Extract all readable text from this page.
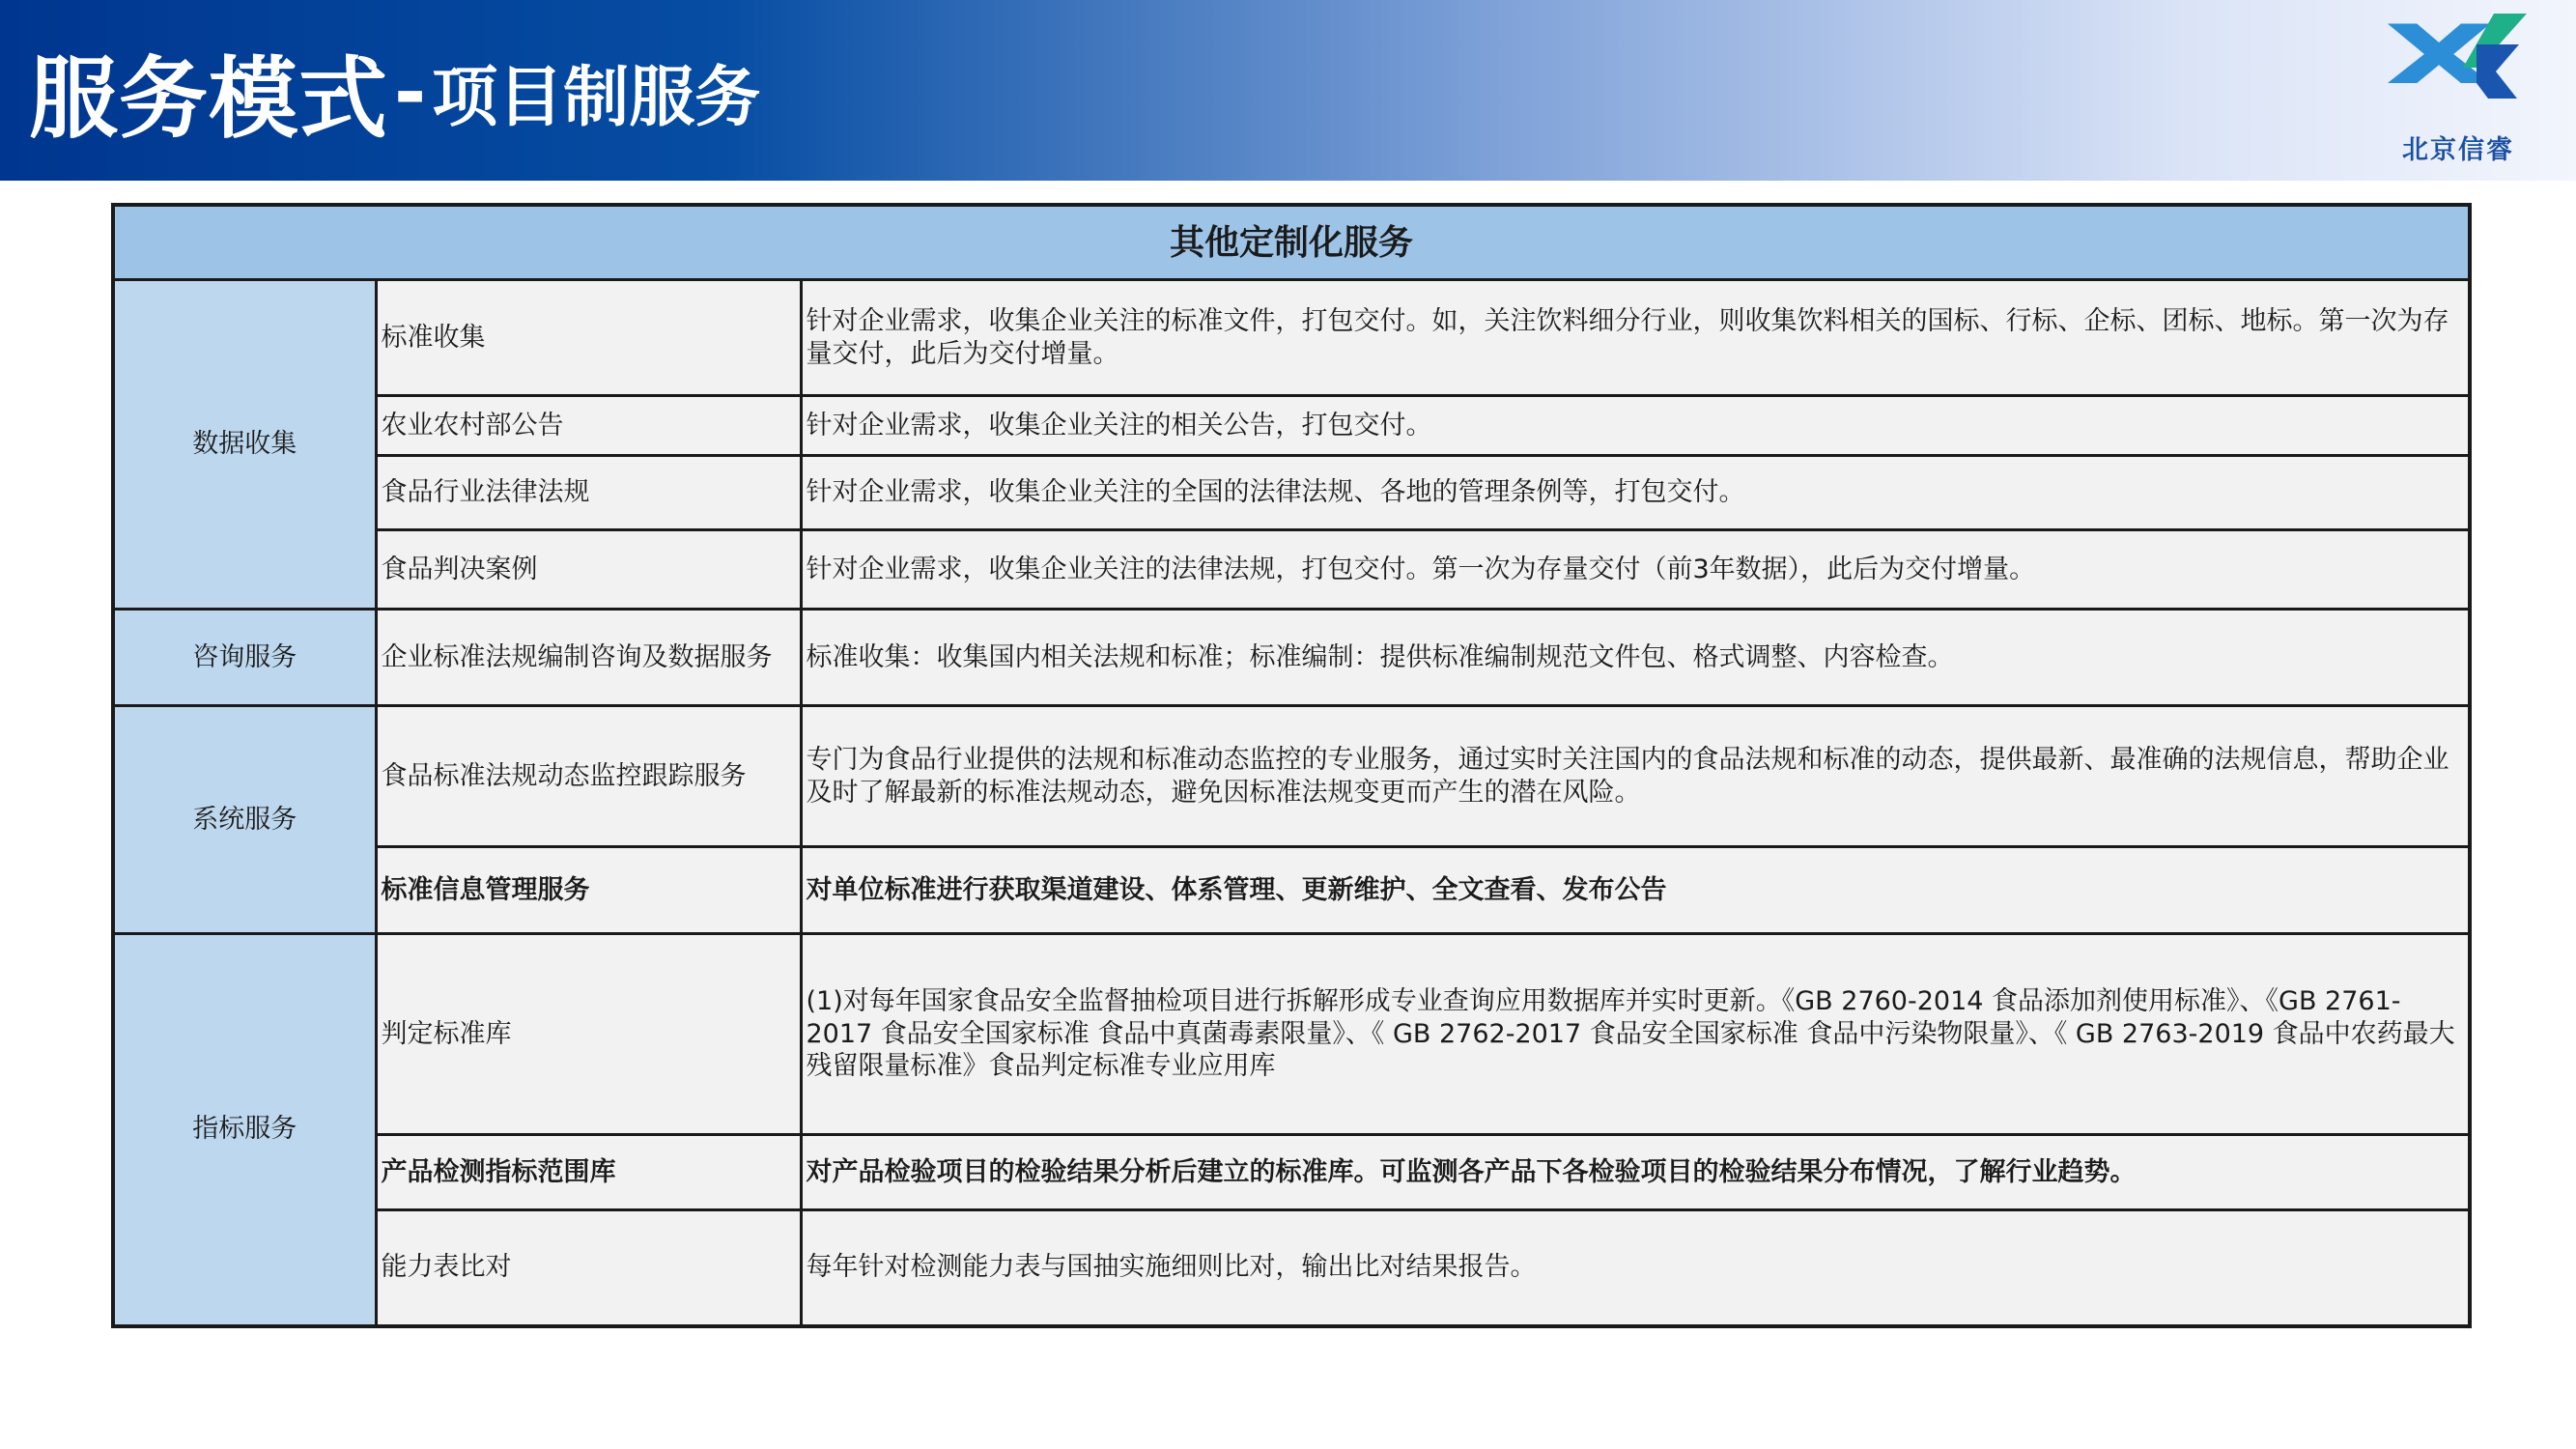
服务模式 - 项目制服务
北京信睿
其他定制化服务		
数据收集	标准收集	针对企业需求，收集企业关注的标准文件，打包交付。如，关注饮料细分行业，则收集饮料相关的国标、行标、企标、团标、地标。第一次为存量交付，此后为交付增量。
	农业农村部公告	针对企业需求，收集企业关注的相关公告，打包交付。
	食品行业法律法规	针对企业需求，收集企业关注的全国的法律法规、各地的管理条例等，打包交付。
	食品判决案例	针对企业需求，收集企业关注的法律法规，打包交付。第一次为存量交付（前3年数据），此后为交付增量。
咨询服务	企业标准法规编制咨询及数据服务	标准收集：收集国内相关法规和标准；标准编制：提供标准编制规范文件包、格式调整、内容检查。
系统服务	食品标准法规动态监控跟踪服务	专门为食品行业提供的法规和标准动态监控的专业服务，通过实时关注国内的食品法规和标准的动态，提供最新、最准确的法规信息，帮助企业及时了解最新的标准法规动态，避免因标准法规变更而产生的潜在风险。
	标准信息管理服务	对单位标准进行获取渠道建设、体系管理、更新维护、全文查看、发布公告
指标服务	判定标准库	(1)对每年国家食品安全监督抽检项目进行拆解形成专业查询应用数据库并实时更新。《GB 2760-2014 食品添加剂使用标准》、《GB 2761-2017 食品安全国家标准 食品中真菌毒素限量》、《 GB 2762-2017 食品安全国家标准 食品中污染物限量》、《 GB 2763-2019 食品中农药最大残留限量标准》食品判定标准专业应用库
	产品检测指标范围库	对产品检验项目的检验结果分析后建立的标准库。可监测各产品下各检验项目的检验结果分布情况，了解行业趋势。
	能力表比对	每年针对检测能力表与国抽实施细则比对，输出比对结果报告。
